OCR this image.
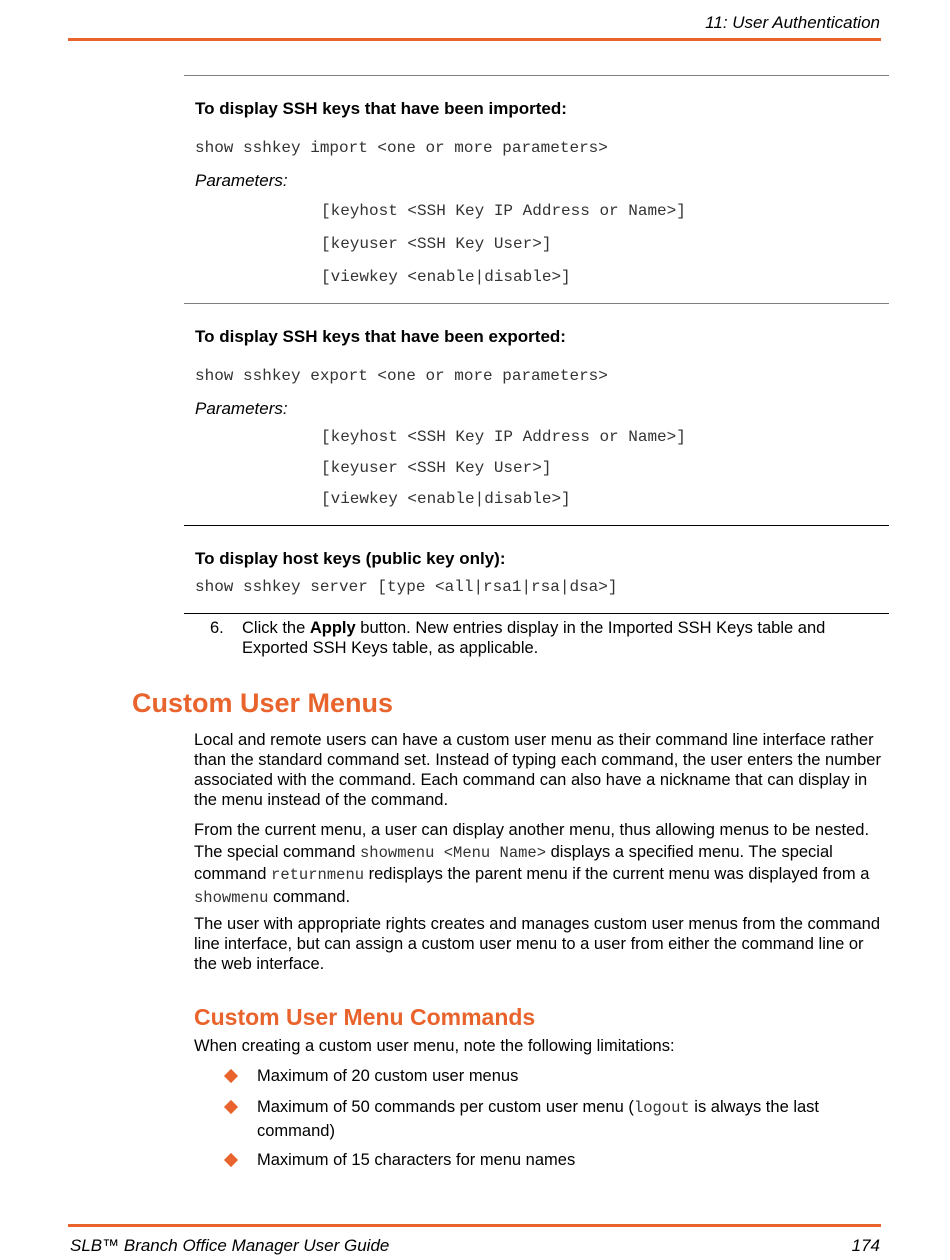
11: User Authentication
To display SSH keys that have been imported:
show sshkey import <one or more parameters>
Parameters:
[keyhost <SSH Key IP Address or Name>]
[keyuser <SSH Key User>]
[viewkey <enable|disable>]
To display SSH keys that have been exported:
show sshkey export <one or more parameters>
Parameters:
[keyhost <SSH Key IP Address or Name>]
[keyuser <SSH Key User>]
[viewkey <enable|disable>]
To display host keys (public key only):
show sshkey server [type <all|rsa1|rsa|dsa>]
6. Click the Apply button. New entries display in the Imported SSH Keys table and Exported SSH Keys table, as applicable.
Custom User Menus
Local and remote users can have a custom user menu as their command line interface rather than the standard command set. Instead of typing each command, the user enters the number associated with the command. Each command can also have a nickname that can display in the menu instead of the command.
From the current menu, a user can display another menu, thus allowing menus to be nested. The special command showmenu <Menu Name> displays a specified menu. The special command returnmenu redisplays the parent menu if the current menu was displayed from a showmenu command.
The user with appropriate rights creates and manages custom user menus from the command line interface, but can assign a custom user menu to a user from either the command line or the web interface.
Custom User Menu Commands
When creating a custom user menu, note the following limitations:
Maximum of 20 custom user menus
Maximum of 50 commands per custom user menu (logout is always the last command)
Maximum of 15 characters for menu names
SLB™ Branch Office Manager User Guide	174
